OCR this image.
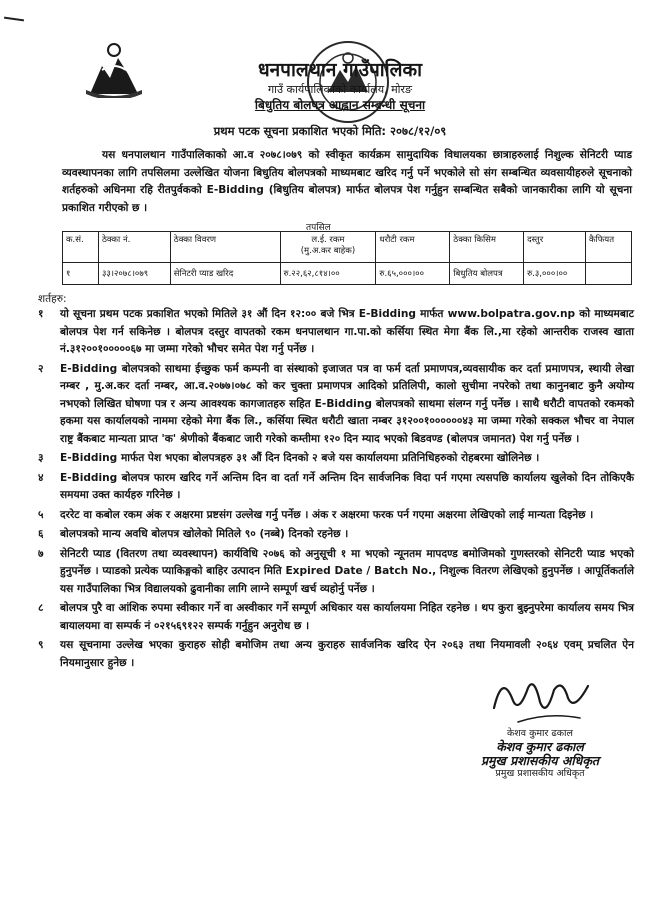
धनपालथान गाउँपालिका
गाउँ कार्यपालिकाको कार्यालय, मोरङ
बिधुतिय बोलपत्र आह्वान सम्बन्धी सूचना
प्रथम पटक सूचना प्रकाशित भएको मिति: २०७८/१२/०९
यस धनपालथान गाउँपालिकाको आ.व २०७८।०७९ को स्वीकृत कार्यक्रम सामुदायिक विधालयका छात्राहरुलाई निशुल्क सेनिटरी प्याड व्यवस्थापनका लागि तपसिलमा उल्लेखित योजना बिधुतिय बोलपत्रको माध्यमबाट खरिद गर्नु पर्ने भएकोले सो संग सम्बन्धित व्यवसायीहरुले सूचनाको शर्तहरुको अधिनमा रहि रीतपुर्वकको E-Bidding (बिधुतिय बोलपत्र) मार्फत बोलपत्र पेश गर्नुहुन सम्बन्धित सबैको जानकारीका लागि यो सूचना प्रकाशित गरीएको छ ।
तपसिल
क.सं.	ठेक्का नं.	ठेक्का विवरण	ल.ई. रकम
(मु.अ.कर बाहेक)	धरौटी रकम	ठेक्का किसिम	दस्तुर	कैफियत
१	३३।२०७८।०७९	सेनिटरी प्याड खरिद	रु.२२,६२,८१४।००	रु.६५,०००।००	बिधुतिय बोलपत्र	रु.३,०००।००	
शर्तहरु:
१	यो सूचना प्रथम पटक प्रकाशित भएको मितिले ३१ औं दिन १२:०० बजे भित्र E-Bidding मार्फत www.bolpatra.gov.np को माध्यमबाट बोलपत्र पेश गर्न सकिनेछ । बोलपत्र दस्तुर वापतको रकम धनपालथान गा.पा.को कर्सिया स्थित मेगा बैंक लि.,मा रहेको आन्तरीक राजस्व खाता नं.३१२००१०००००६७ मा जम्मा गरेको भौचर समेत पेश गर्नु पर्नेछ ।
२	E-Bidding बोलपत्रको साथमा ईच्छुक फर्म कम्पनी वा संस्थाको इजाजत पत्र वा फर्म दर्ता प्रमाणपत्र,व्यवसायीक कर दर्ता प्रमाणपत्र, स्थायी लेखा नम्बर , मु.अ.कर दर्ता नम्बर, आ.व.२०७७।०७८ को कर चुक्ता प्रमाणपत्र आदिको प्रतिलिपी, कालो सुचीमा नपरेको तथा कानुनबाट कुनै अयोग्य नभएको लिखित घोषणा पत्र र अन्य आवश्यक कागजातहरु सहित E-Bidding बोलपत्रको साथमा संलग्न गर्नु पर्नेछ । साथै धरौटी वापतको रकमको हकमा यस कार्यालयको नाममा रहेको मेगा बैंक लि., कर्सिया स्थित धरौटी खाता नम्बर ३१२००१००००००४३ मा जम्मा गरेको सक्कल भौचर वा नेपाल राष्ट्र बैंकबाट मान्यता प्राप्त 'क' श्रेणीको बैंकबाट जारी गरेको कम्तीमा १२० दिन म्याद भएको बिडवण्ड (बोलपत्र जमानत) पेश गर्नु पर्नेछ ।
३	E-Bidding मार्फत पेश भएका बोलपत्रहरु ३१ औं दिन दिनको २ बजे यस कार्यालयमा प्रतिनिधिहरुको रोहबरमा खोलिनेछ ।
४	E-Bidding बोलपत्र फारम खरिद गर्ने अन्तिम दिन वा दर्ता गर्ने अन्तिम दिन सार्वजनिक विदा पर्न गएमा त्यसपछि कार्यालय खुलेको दिन तोकिएकै समयमा उक्त कार्यहरु गरिनेछ ।
५	दररेट वा कबोल रकम अंक र अक्षरमा प्रष्टसंग उल्लेख गर्नु पर्नेछ । अंक र अक्षरमा फरक पर्न गएमा अक्षरमा लेखिएको लाई मान्यता दिइनेछ ।
६	बोलपत्रको मान्य अवधि बोलपत्र खोलेको मितिले ९० (नब्बे) दिनको रहनेछ ।
७	सेनिटरी प्याड (वितरण तथा व्यवस्थापन) कार्यविधि २०७६ को अनुसूची १ मा भएको न्यूनतम मापदण्ड बमोजिमको गुणस्तरको सेनिटरी प्याड भएको हुनुपर्नेछ । प्याडको प्रत्येक प्याकिङ्गको बाहिर उत्पादन मिति Expired Date / Batch No., निशुल्क वितरण लेखिएको हुनुपर्नेछ । आपूर्तिकर्ताले यस गाउँपालिका भित्र विद्यालयको ढुवानीका लागि लाग्ने सम्पूर्ण खर्च व्यहोर्नु पर्नेछ ।
८	बोलपत्र पुरै वा आंशिक रुपमा स्वीकार गर्ने वा अस्वीकार गर्ने सम्पूर्ण अधिकार यस कार्यालयमा निहित रहनेछ । थप कुरा बुझ्नुपरेमा कार्यालय समय भित्र बायालयमा वा सम्पर्क नं ०२१५६९१२२ सम्पर्क गर्नुहुन अनुरोध छ ।
९	यस सूचनामा उल्लेख भएका कुराहरु सोही बमोजिम तथा अन्य कुराहरु सार्वजनिक खरिद ऐन २०६३ तथा नियमावली २०६४ एवम् प्रचलित ऐन नियमानुसार हुनेछ ।
केशव कुमार ढकाल
केशव कुमार ढकाल
प्रमुख प्रशासकीय अधिकृत
प्रमुख प्रशासकीय अधिकृत
